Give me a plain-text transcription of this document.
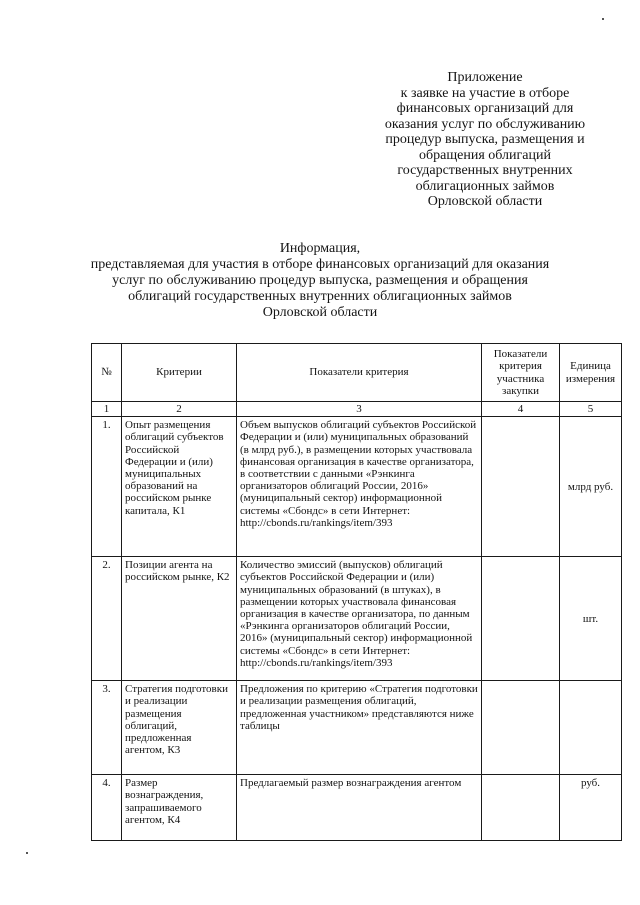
Приложение
к заявке на участие в отборе
финансовых организаций для
оказания услуг по обслуживанию
процедур выпуска, размещения и
обращения облигаций
государственных внутренних
облигационных займов
Орловской области
Информация,
представляемая для участия в отборе финансовых организаций для оказания
услуг по обслуживанию процедур выпуска, размещения и обращения
облигаций государственных внутренних облигационных займов
Орловской области
№	Критерии	Показатели критерия	Показатели критерия участника закупки	Единица измерения
1	2	3	4	5
1.	Опыт размещения облигаций субъектов Российской Федерации и (или) муниципальных образований на российском рынке капитала, К1	Объем выпусков облигаций субъектов Российской Федерации и (или) муниципальных образований (в млрд руб.), в размещении которых участвовала финансовая организация в качестве организатора, в соответствии с данными «Рэнкинга организаторов облигаций России, 2016» (муниципальный сектор) информационной системы «Сбондс» в сети Интернет: http://cbonds.ru/rankings/item/393		млрд руб.
2.	Позиции агента на российском рынке, К2	Количество эмиссий (выпусков) облигаций субъектов Российской Федерации и (или) муниципальных образований (в штуках), в размещении которых участвовала финансовая организация в качестве организатора, по данным «Рэнкинга организаторов облигаций России, 2016» (муниципальный сектор) информационной системы «Сбондс» в сети Интернет: http://cbonds.ru/rankings/item/393		шт.
3.	Стратегия подготовки и реализации размещения облигаций, предложенная агентом, К3	Предложения по критерию «Стратегия подготовки и реализации размещения облигаций, предложенная участником» представляются ниже таблицы		
4.	Размер вознаграждения, запрашиваемого агентом, К4	Предлагаемый размер вознаграждения агентом		руб.
